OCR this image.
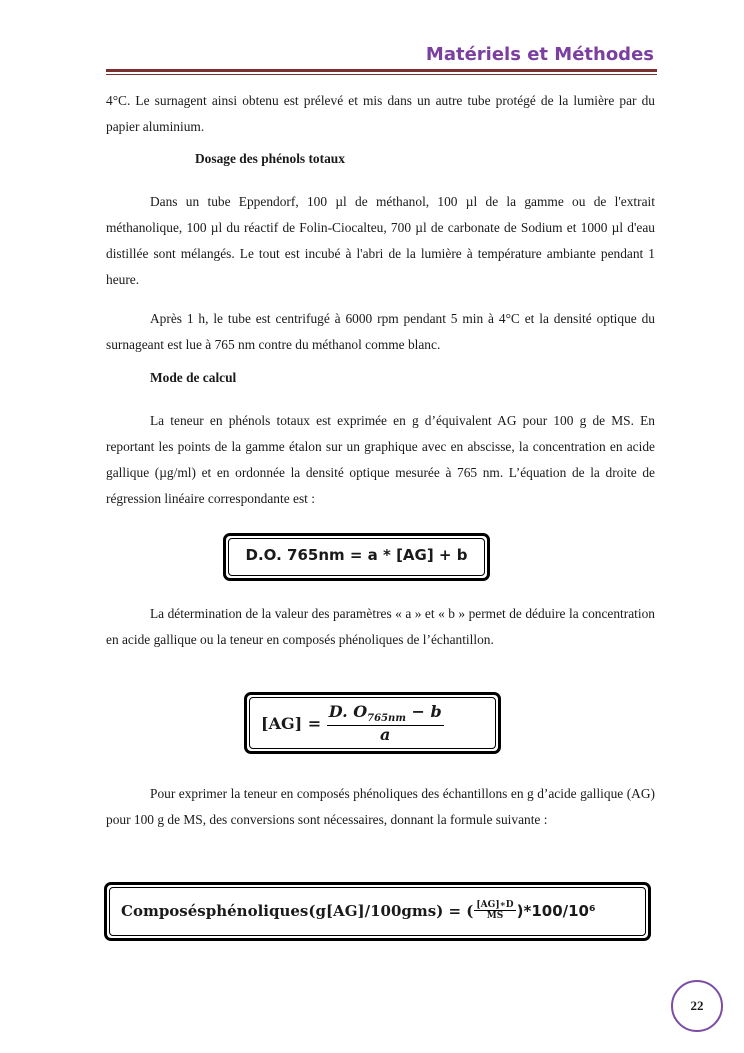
Matériels et Méthodes
4°C. Le surnagent ainsi obtenu est prélevé et mis dans un autre tube protégé de la lumière par du papier aluminium.
Dosage des phénols totaux
Dans un tube Eppendorf, 100 µl de méthanol, 100 µl de la gamme ou de l'extrait méthanolique, 100 µl du réactif de Folin-Ciocalteu, 700 µl de carbonate de Sodium et 1000 µl d'eau distillée sont mélangés. Le tout est incubé à l'abri de la lumière à température ambiante pendant 1 heure.
Après 1 h, le tube est centrifugé à 6000 rpm pendant 5 min à 4°C et la densité optique du surnageant est lue à 765 nm contre du méthanol comme blanc.
Mode de calcul
La teneur en phénols totaux est exprimée en g d’équivalent AG pour 100 g de MS. En reportant les points de la gamme étalon sur un graphique avec en abscisse, la concentration en acide gallique (µg/ml) et en ordonnée la densité optique mesurée à 765 nm. L’équation de la droite de régression linéaire correspondante est :
D.O. 765nm = a * [AG] + b
La détermination de la valeur des paramètres « a » et « b » permet de déduire la concentration en acide gallique ou la teneur en composés phénoliques de l’échantillon.
$[AG] = \frac{D. O_{765nm} - b}{a}$
Pour exprimer la teneur en composés phénoliques des échantillons en g d’acide gallique (AG) pour 100 g de MS, des conversions sont nécessaires, donnant la formule suivante :
Composésphénoliques(g[AG]/100gms) = ( $\frac{[AG]∗D}{MS} )*100/10^6$
22
